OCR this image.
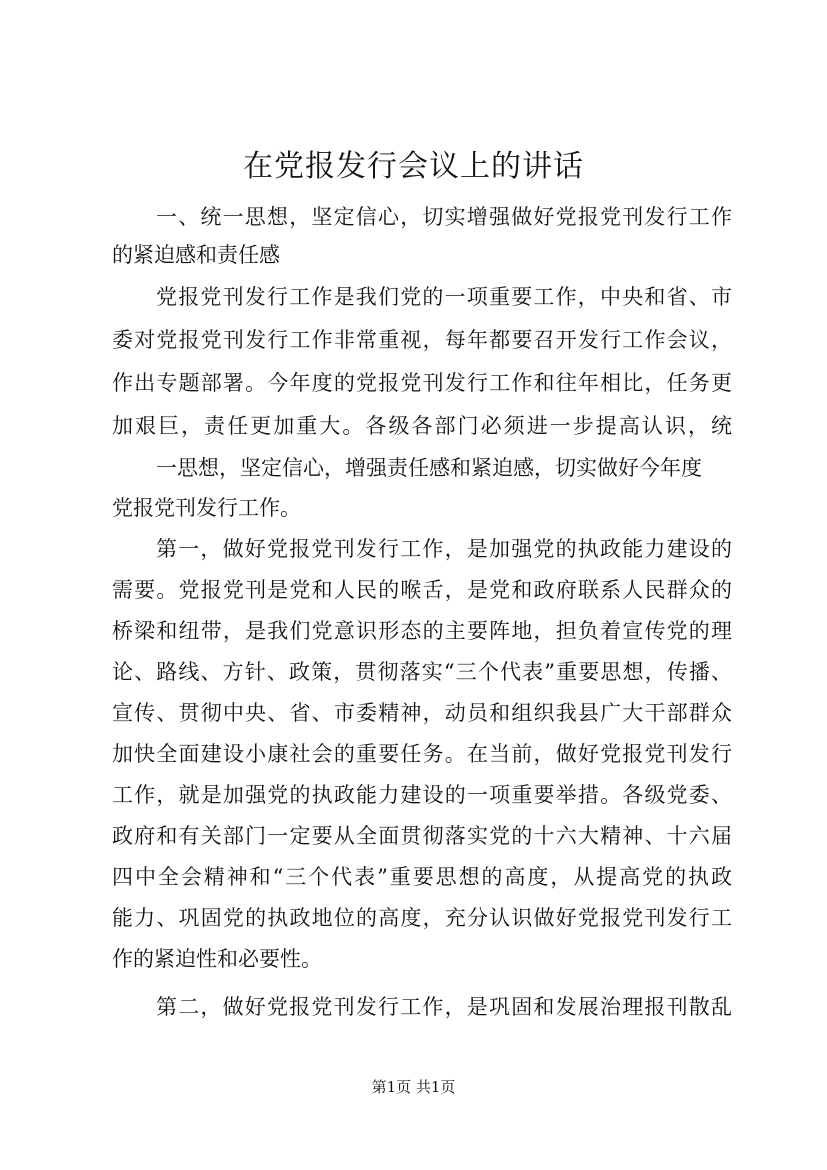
在党报发行会议上的讲话
一、统一思想，坚定信心，切实增强做好党报党刊发行工作
的紧迫感和责任感
党报党刊发行工作是我们党的一项重要工作，中央和省、市
委对党报党刊发行工作非常重视，每年都要召开发行工作会议，
作出专题部署。今年度的党报党刊发行工作和往年相比，任务更
加艰巨，责任更加重大。各级各部门必须进一步提高认识，统
一思想，坚定信心，增强责任感和紧迫感，切实做好今年度
党报党刊发行工作。
第一，做好党报党刊发行工作，是加强党的执政能力建设的
需要。党报党刊是党和人民的喉舌，是党和政府联系人民群众的
桥梁和纽带，是我们党意识形态的主要阵地，担负着宣传党的理
论、路线、方针、政策，贯彻落实“三个代表”重要思想，传播、
宣传、贯彻中央、省、市委精神，动员和组织我县广大干部群众
加快全面建设小康社会的重要任务。在当前，做好党报党刊发行
工作，就是加强党的执政能力建设的一项重要举措。各级党委、
政府和有关部门一定要从全面贯彻落实党的十六大精神、十六届
四中全会精神和“三个代表”重要思想的高度，从提高党的执政
能力、巩固党的执政地位的高度，充分认识做好党报党刊发行工
作的紧迫性和必要性。
第二，做好党报党刊发行工作，是巩固和发展治理报刊散乱
第1页 共1页
